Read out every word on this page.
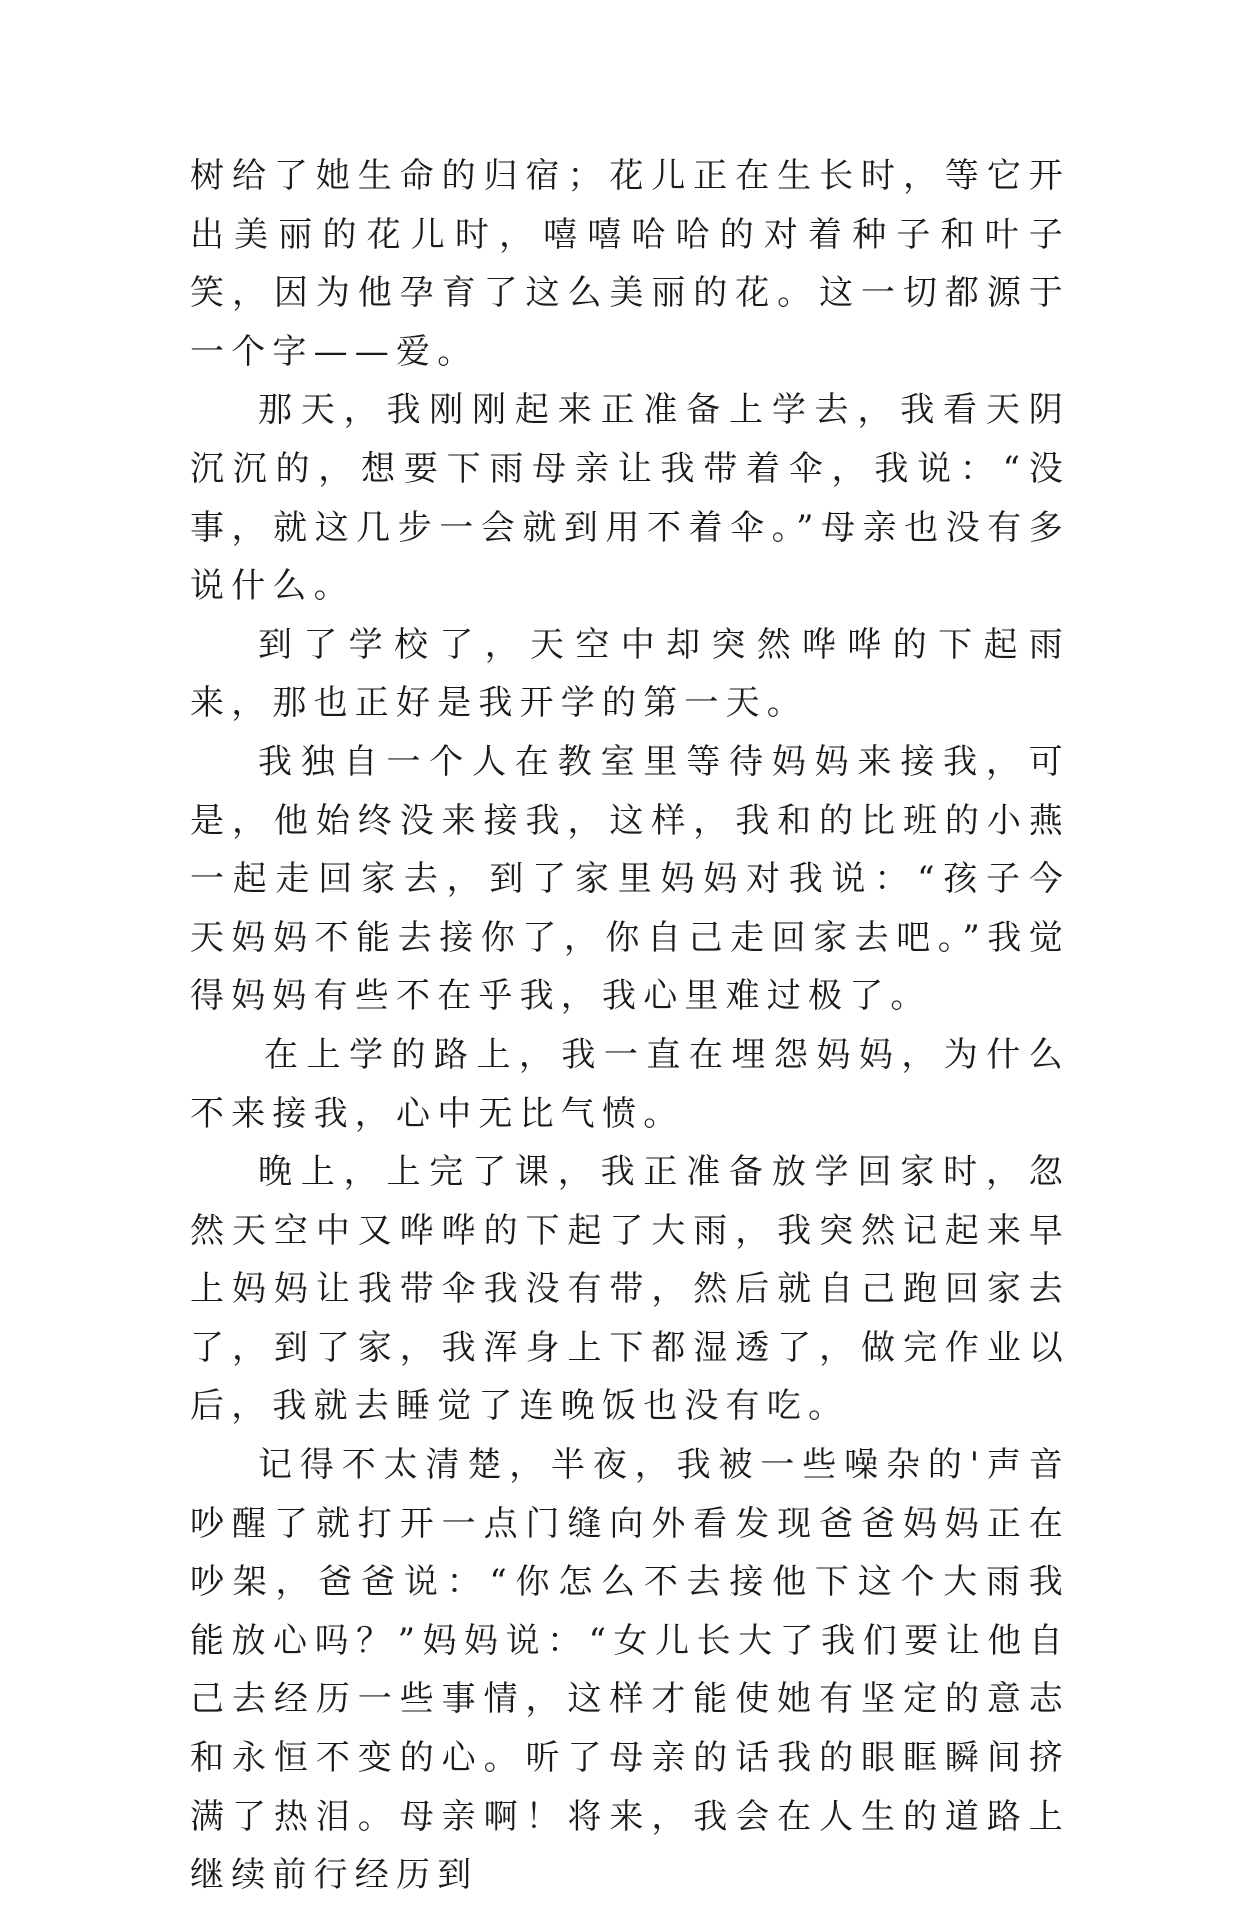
树给了她生命的归宿；花儿正在生长时，等它开出美丽的花儿时，嘻嘻哈哈的对着种子和叶子笑，因为他孕育了这么美丽的花。这一切都源于一个字——爱。

那天，我刚刚起来正准备上学去，我看天阴沉沉的，想要下雨母亲让我带着伞，我说：“没事，就这几步一会就到用不着伞。”母亲也没有多说什么。

到了学校了，天空中却突然哗哗的下起雨来，那也正好是我开学的第一天。

我独自一个人在教室里等待妈妈来接我，可是，他始终没来接我，这样，我和的比班的小燕一起走回家去，到了家里妈妈对我说：“孩子今天妈妈不能去接你了，你自己走回家去吧。”我觉得妈妈有些不在乎我，我心里难过极了。

在上学的路上，我一直在埋怨妈妈，为什么不来接我，心中无比气愤。

晚上，上完了课，我正准备放学回家时，忽然天空中又哗哗的下起了大雨，我突然记起来早上妈妈让我带伞我没有带，然后就自己跑回家去了，到了家，我浑身上下都湿透了，做完作业以后，我就去睡觉了连晚饭也没有吃。

记得不太清楚，半夜，我被一些噪杂的'声音吵醒了就打开一点门缝向外看发现爸爸妈妈正在吵架，爸爸说：“你怎么不去接他下这个大雨我能放心吗？”妈妈说：“女儿长大了我们要让他自己去经历一些事情，这样才能使她有坚定的意志和永恒不变的心。听了母亲的话我的眼眶瞬间挤满了热泪。母亲啊！将来，我会在人生的道路上继续前行经历到
